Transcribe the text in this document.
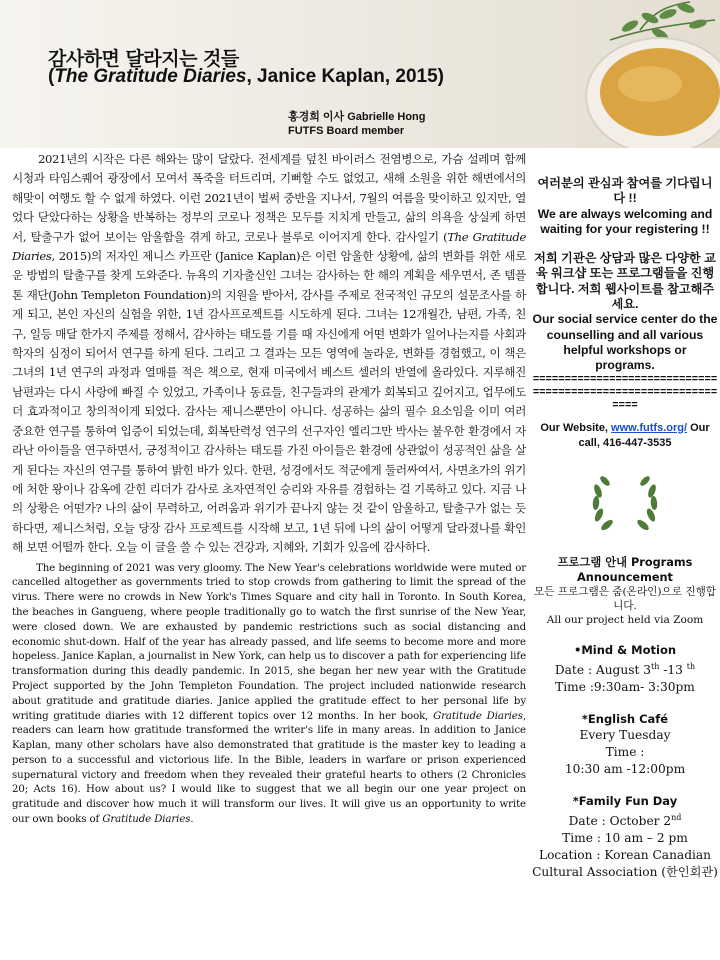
감사하면 달라지는 것들
(The Gratitude Diaries, Janice Kaplan, 2015)
홍경희 이사 Gabrielle Hong
FUTFS Board member

2021년의 시작은 다른 해와는 많이 달랐다. 전세계를 덮친 바이러스 전염병으로, 가슴 설레며 함께 시청과 타임스퀘어 광장에서 모여서 폭죽을 터트리며, 기뻐할 수도 없었고, 새해 소원을 위한 해변에서의 해맞이 여행도 할 수 없게 하였다. 이런 2021년이 벌써 중반을 지나서, 7월의 여름을 맞이하고 있지만, 열었다 닫았다하는 상황을 반복하는 정부의 코로나 정책은 모두를 지치게 만들고, 삶의 의욕을 상실케 하면서, 탈출구가 없어 보이는 암울함을 겪게 하고, 코로나 블루로 이어지게 한다. 감사일기 (The Gratitude Diaries, 2015)의 저자인 제니스 카프란 (Janice Kaplan)은 이런 암울한 상황에, 삶의 변화를 위한 새로운 방법의 탈출구를 찾게 도와준다. 뉴욕의 기자출신인 그녀는 감사하는 한 해의 계획을 세우면서, 존 템플톤 재단(John Templeton Foundation)의 지원을 받아서, 감사를 주제로 전국적인 규모의 설문조사를 하게 되고, 본인 자신의 실험을 위한, 1년 감사프로젝트를 시도하게 된다. 그녀는 12개월간, 남편, 가족, 친구, 일등 매달 한가지 주제를 정해서, 감사하는 태도를 기를 때 자신에게 어떤 변화가 일어나는지를 사회과학자의 심정이 되어서 연구를 하게 된다. 그리고 그 결과는 모든 영역에 놀라운, 변화를 경험했고, 이 책은 그녀의 1년 연구의 과정과 열매를 적은 책으로, 현재 미국에서 베스트 셀러의 반열에 올라있다. 지루해진 남편과는 다시 사랑에 빠질 수 있었고, 가족이나 동료들, 친구들과의 관계가 회복되고 깊어지고, 업무에도 더 효과적이고 창의적이게 되었다. 감사는 제니스뿐만이 아니다. 성공하는 삶의 필수 요소임을 이미 여러 중요한 연구를 통하여 입증이 되었는데, 회복탄력성 연구의 선구자인 엘리그만 박사는 불우한 환경에서 자라난 아이들을 연구하면서, 긍정적이고 감사하는 태도를 가진 아이들은 환경에 상관없이 성공적인 삶을 살게 된다는 자신의 연구를 통하여 밝힌 바가 있다. 한편, 성경에서도 적군에게 둘러싸여서, 사면초가의 위기에 처한 왕이나 감옥에 갇힌 리더가 감사로 초자연적인 승리와 자유를 경험하는 걸 기록하고 있다. 지금 나의 상황은 어떤가? 나의 삶이 무력하고, 어려움과 위기가 끝나지 않는 것 같이 암울하고, 탈출구가 없는 듯하다면, 제니스처럼, 오늘 당장 감사 프로젝트를 시작해 보고, 1년 뒤에 나의 삶이 어떻게 달라졌나를 확인해 보면 어떨까 한다. 오늘 이 글을 쓸 수 있는 건강과, 지혜와, 기회가 있음에 감사하다.

The beginning of 2021 was very gloomy. The New Year's celebrations worldwide were muted or cancelled altogether as governments tried to stop crowds from gathering to limit the spread of the virus. There were no crowds in New York's Times Square and city hall in Toronto. In South Korea, the beaches in Gangueng, where people traditionally go to watch the first sunrise of the New Year, were closed down. We are exhausted by pandemic restrictions such as social distancing and economic shut-down. Half of the year has already passed, and life seems to become more and more hopeless. Janice Kaplan, a journalist in New York, can help us to discover a path for experiencing life transformation during this deadly pandemic. In 2015, she began her new year with the Gratitude Project supported by the John Templeton Foundation. The project included nationwide research about gratitude and gratitude diaries. Janice applied the gratitude effect to her personal life by writing gratitude diaries with 12 different topics over 12 months. In her book, Gratitude Diaries, readers can learn how gratitude transformed the writer's life in many areas. In addition to Janice Kaplan, many other scholars have also demonstrated that gratitude is the master key to leading a person to a successful and victorious life. In the Bible, leaders in warfare or prison experienced supernatural victory and freedom when they revealed their grateful hearts to others (2 Chronicles 20; Acts 16). How about us? I would like to suggest that we all begin our one year project on gratitude and discover how much it will transform our lives. It will give us an opportunity to write our own books of Gratitude Diaries.

여러분의 관심과 참여를 기다립니다 !!
We are always welcoming and waiting for your registering !!
저희 기관은 상담과 많은 다양한 교육 워크샵 또는 프로그램들을 진행합니다. 저희 웹사이트를 참고해주세요.
Our social service center do the counselling and all various helpful workshops or programs.
==============================================================
Our Website, www.futfs.org/ Our call, 416-447-3535
프로그램 안내 Programs Announcement
모든 프로그램은 줌(온라인)으로 진행합니다.
All our project held via Zoom
•Mind & Motion
Date : August 3th -13 $^{th}$
Time :9:30am- 3:30pm
*English Café
Every Tuesday
Time :
10:30 am -12:00pm
*Family Fun Day
Date : October 2nd
Time : 10 am – 2 pm
Location : Korean Canadian Cultural Association (한인회관)
